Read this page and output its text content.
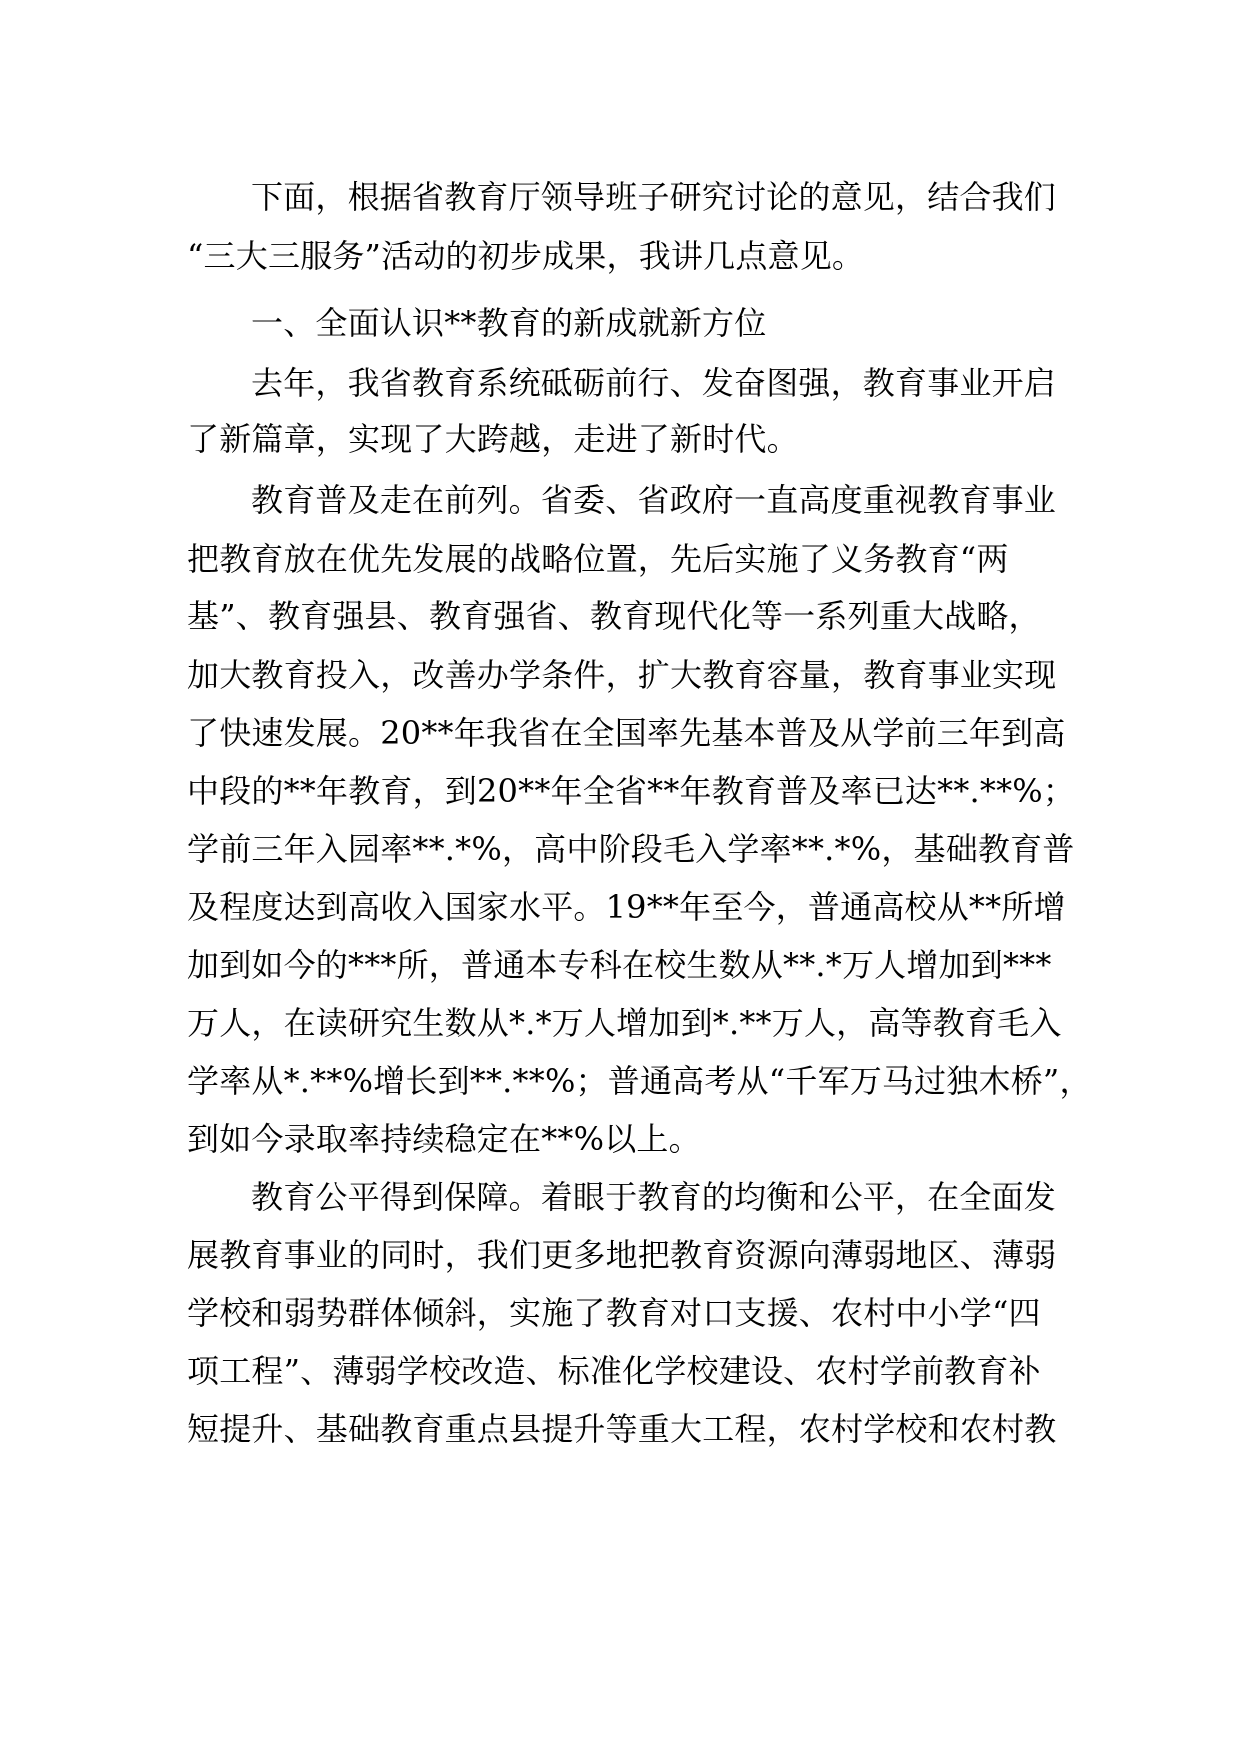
下面，根据省教育厅领导班子研究讨论的意见，结合我们
“三大三服务”活动的初步成果，我讲几点意见。
一、全面认识**教育的新成就新方位
去年，我省教育系统砥砺前行、发奋图强，教育事业开启
了新篇章，实现了大跨越，走进了新时代。
教育普及走在前列。省委、省政府一直高度重视教育事业
把教育放在优先发展的战略位置，先后实施了义务教育“两
基”、教育强县、教育强省、教育现代化等一系列重大战略，
加大教育投入，改善办学条件，扩大教育容量，教育事业实现
了快速发展。20**年我省在全国率先基本普及从学前三年到高
中段的**年教育，到20**年全省**年教育普及率已达**.**%；
学前三年入园率**.*%，高中阶段毛入学率**.*%，基础教育普
及程度达到高收入国家水平。19**年至今，普通高校从**所增
加到如今的***所，普通本专科在校生数从**.*万人增加到***
万人，在读研究生数从*.*万人增加到*.**万人，高等教育毛入
学率从*.**%增长到**.**%；普通高考从“千军万马过独木桥”，
到如今录取率持续稳定在**%以上。
教育公平得到保障。着眼于教育的均衡和公平，在全面发
展教育事业的同时，我们更多地把教育资源向薄弱地区、薄弱
学校和弱势群体倾斜，实施了教育对口支援、农村中小学“四
项工程”、薄弱学校改造、标准化学校建设、农村学前教育补
短提升、基础教育重点县提升等重大工程，农村学校和农村教
